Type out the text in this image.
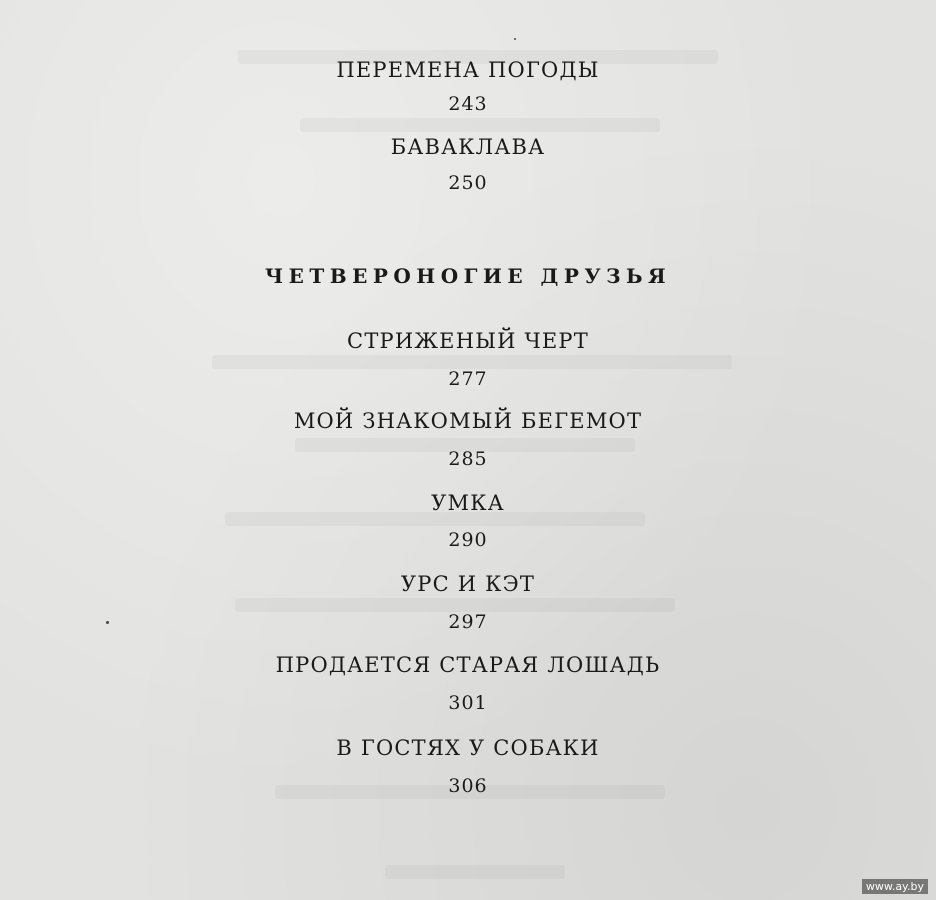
ПЕРЕМЕНА ПОГОДЫ
243
БАВАКЛАВА
250
ЧЕТВЕРОНОГИЕ ДРУЗЬЯ
СТРИЖЕНЫЙ ЧЕРТ
277
МОЙ ЗНАКОМЫЙ БЕГЕМОТ
285
УМКА
290
УРС И КЭТ
297
ПРОДАЕТСЯ СТАРАЯ ЛОШАДЬ
301
В ГОСТЯХ У СОБАКИ
306
www.ay.by
